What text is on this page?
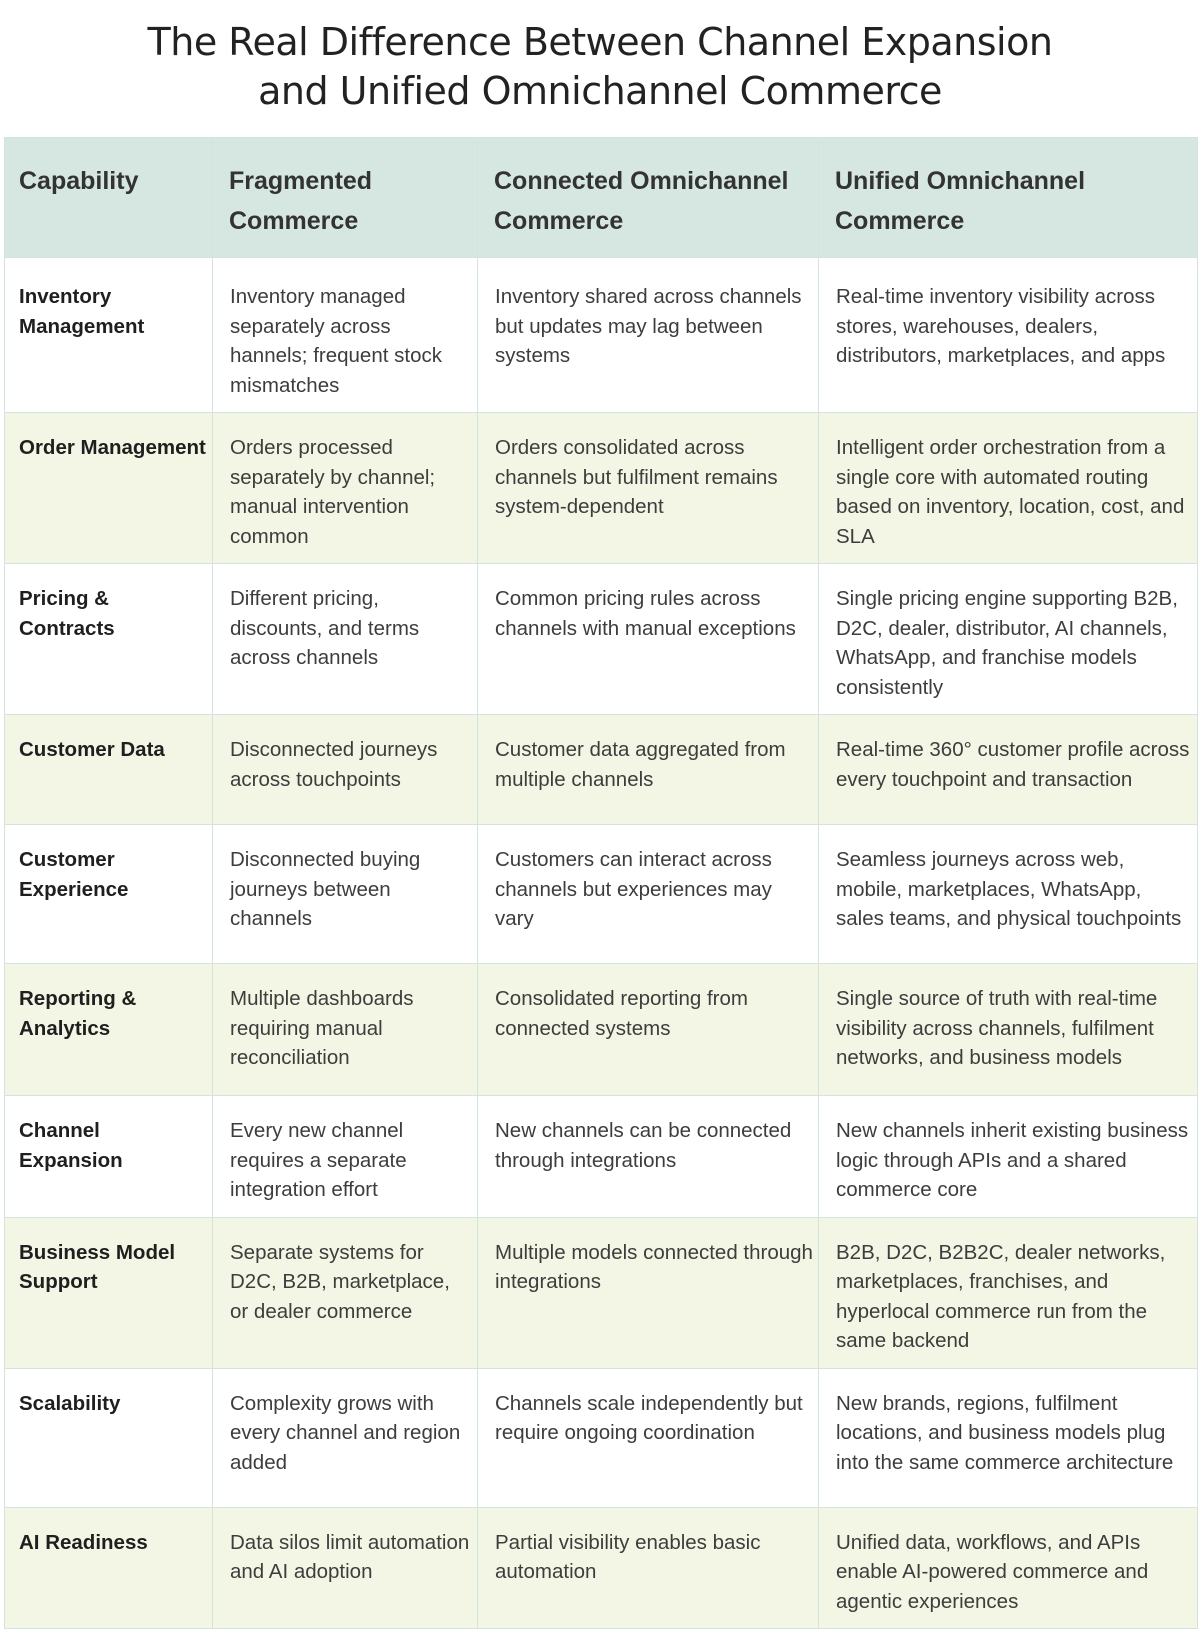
The Real Difference Between Channel Expansion
and Unified Omnichannel Commerce
Capability	Fragmented Commerce	Connected Omnichannel Commerce	Unified Omnichannel Commerce
Inventory Management	Inventory managed separately across hannels; frequent stock mismatches	Inventory shared across channels but updates may lag between systems	Real-time inventory visibility across stores, warehouses, dealers, distributors, marketplaces, and apps
Order Management	Orders processed separately by channel; manual intervention common	Orders consolidated across channels but fulfilment remains system-dependent	Intelligent order orchestration from a single core with automated routing based on inventory, location, cost, and SLA
Pricing & Contracts	Different pricing, discounts, and terms across channels	Common pricing rules across channels with manual exceptions	Single pricing engine supporting B2B, D2C, dealer, distributor, AI channels, WhatsApp, and franchise models consistently
Customer Data	Disconnected journeys across touchpoints	Customer data aggregated from multiple channels	Real-time 360° customer profile across every touchpoint and transaction
Customer Experience	Disconnected buying journeys between channels	Customers can interact across channels but experiences may vary	Seamless journeys across web, mobile, marketplaces, WhatsApp, sales teams, and physical touchpoints
Reporting & Analytics	Multiple dashboards requiring manual reconciliation	Consolidated reporting from connected systems	Single source of truth with real-time visibility across channels, fulfilment networks, and business models
Channel Expansion	Every new channel requires a separate integration effort	New channels can be connected through integrations	New channels inherit existing business logic through APIs and a shared commerce core
Business Model Support	Separate systems for D2C, B2B, marketplace, or dealer commerce	Multiple models connected through integrations	B2B, D2C, B2B2C, dealer networks, marketplaces, franchises, and hyperlocal commerce run from the same backend
Scalability	Complexity grows with every channel and region added	Channels scale independently but require ongoing coordination	New brands, regions, fulfilment locations, and business models plug into the same commerce architecture
AI Readiness	Data silos limit automation and AI adoption	Partial visibility enables basic automation	Unified data, workflows, and APIs enable AI-powered commerce and agentic experiences
